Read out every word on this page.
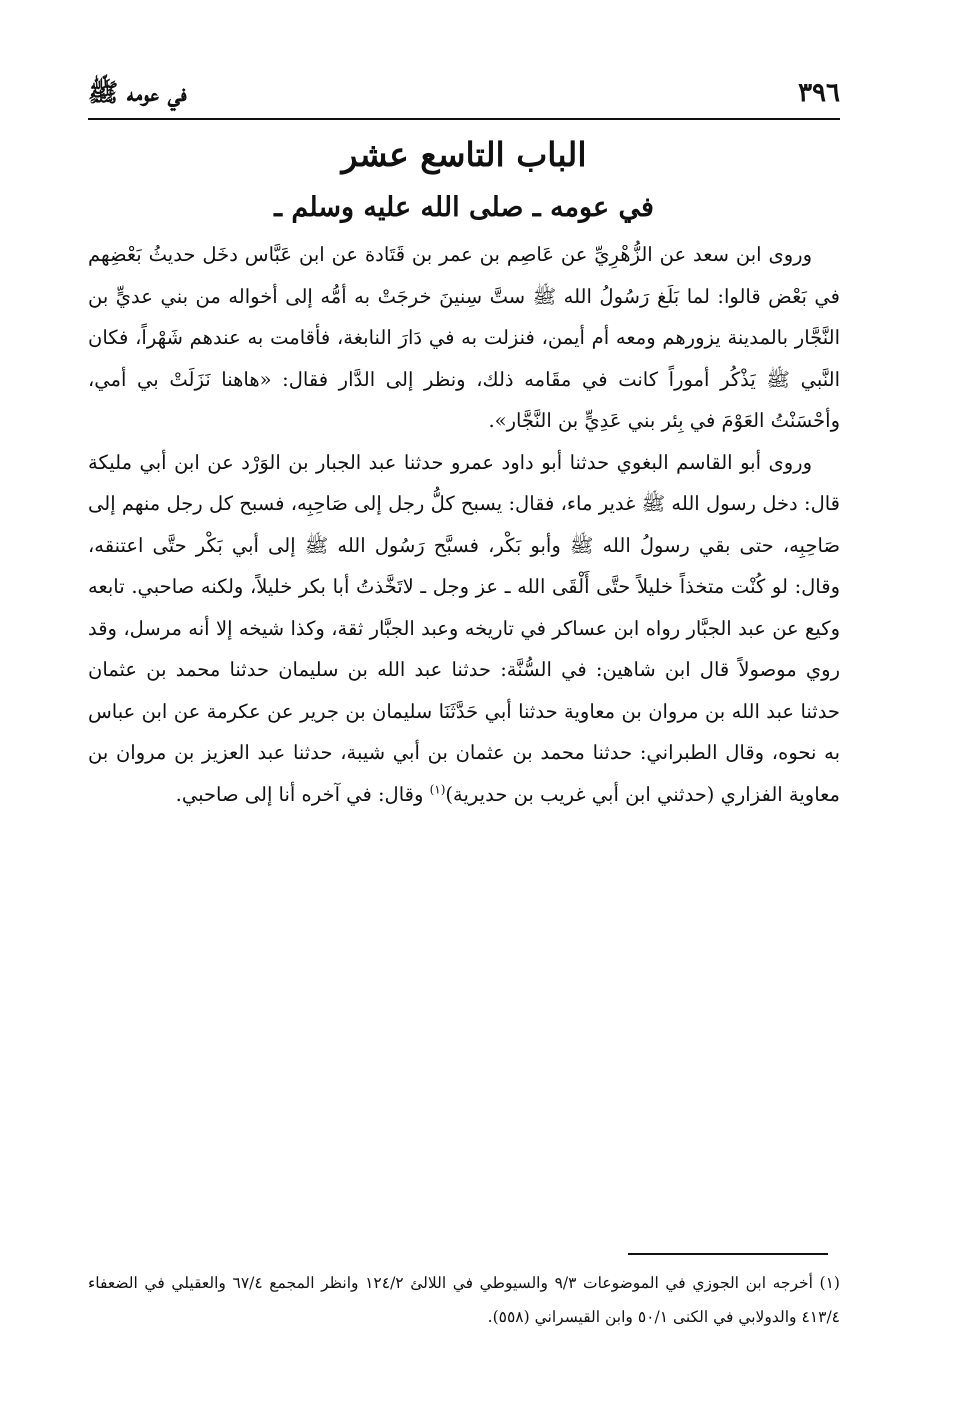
٣٩٦
في عومه ﷺ
الباب التاسع عشر
في عومه ـ صلى الله عليه وسلم ـ

وروى ابن سعد عن الزُّهْرِيِّ عن عَاصِم بن عمر بن قَتَادة عن ابن عَبَّاس دخَل حديثُ بَعْضِهم في بَعْض قالوا: لما بَلَغ رَسُولُ الله ﷺ ستَّ سِنينَ خرجَتْ به أمُّه إلى أخواله من بني عديٍّ بن النَّجَّار بالمدينة يزورهم ومعه أم أيمن، فنزلت به في دَارَ النابغة، فأقامت به عندهم شَهْراً، فكان النَّبي ﷺ يَذْكُر أموراً كانت في مقَامه ذلك، ونظر إلى الدَّار فقال: «هاهنا نَزَلَتْ بي أمي، وأحْسَنْتُ العَوْمَ في بِئر بني عَدِيٍّ بن النَّجَّار».

وروى أبو القاسم البغوي حدثنا أبو داود عمرو حدثنا عبد الجبار بن الوَرْد عن ابن أبي مليكة قال: دخل رسول الله ﷺ غدير ماء، فقال: يسبح كلُّ رجل إلى صَاحِبِه، فسبح كل رجل منهم إلى صَاحِبِه، حتى بقي رسولُ الله ﷺ وأبو بَكْر، فسبَّح رَسُول الله ﷺ إلى أبي بَكْر حتَّى اعتنقه، وقال: لو كُنْت متخذاً خليلاً حتَّى أَلْقَى الله ـ عز وجل ـ لاتَخَّذتُ أبا بكر خليلاً، ولكنه صاحبي. تابعه وكيع عن عبد الجبَّار رواه ابن عساكر في تاريخه وعبد الجبَّار ثقة، وكذا شيخه إلا أنه مرسل، وقد روي موصولاً قال ابن شاهين: في السُّنَّة: حدثنا عبد الله بن سليمان حدثنا محمد بن عثمان حدثنا عبد الله بن مروان بن معاوية حدثنا أبي حَدَّثَنَا سليمان بن جرير عن عكرمة عن ابن عباس به نحوه، وقال الطبراني: حدثنا محمد بن عثمان بن أبي شيبة، حدثنا عبد العزيز بن مروان بن معاوية الفزاري (حدثني ابن أبي غريب بن حديرية)$^{(١)}$ وقال: في آخره أنا إلى صاحبي.

(١) أخرجه ابن الجوزي في الموضوعات ٩/٣ والسيوطي في اللالئ ١٢٤/٢ وانظر المجمع ٦٧/٤ والعقيلي في الضعفاء ٤١٣/٤ والدولابي في الكنى ٥٠/١ وابن القيسراني (٥٥٨).
